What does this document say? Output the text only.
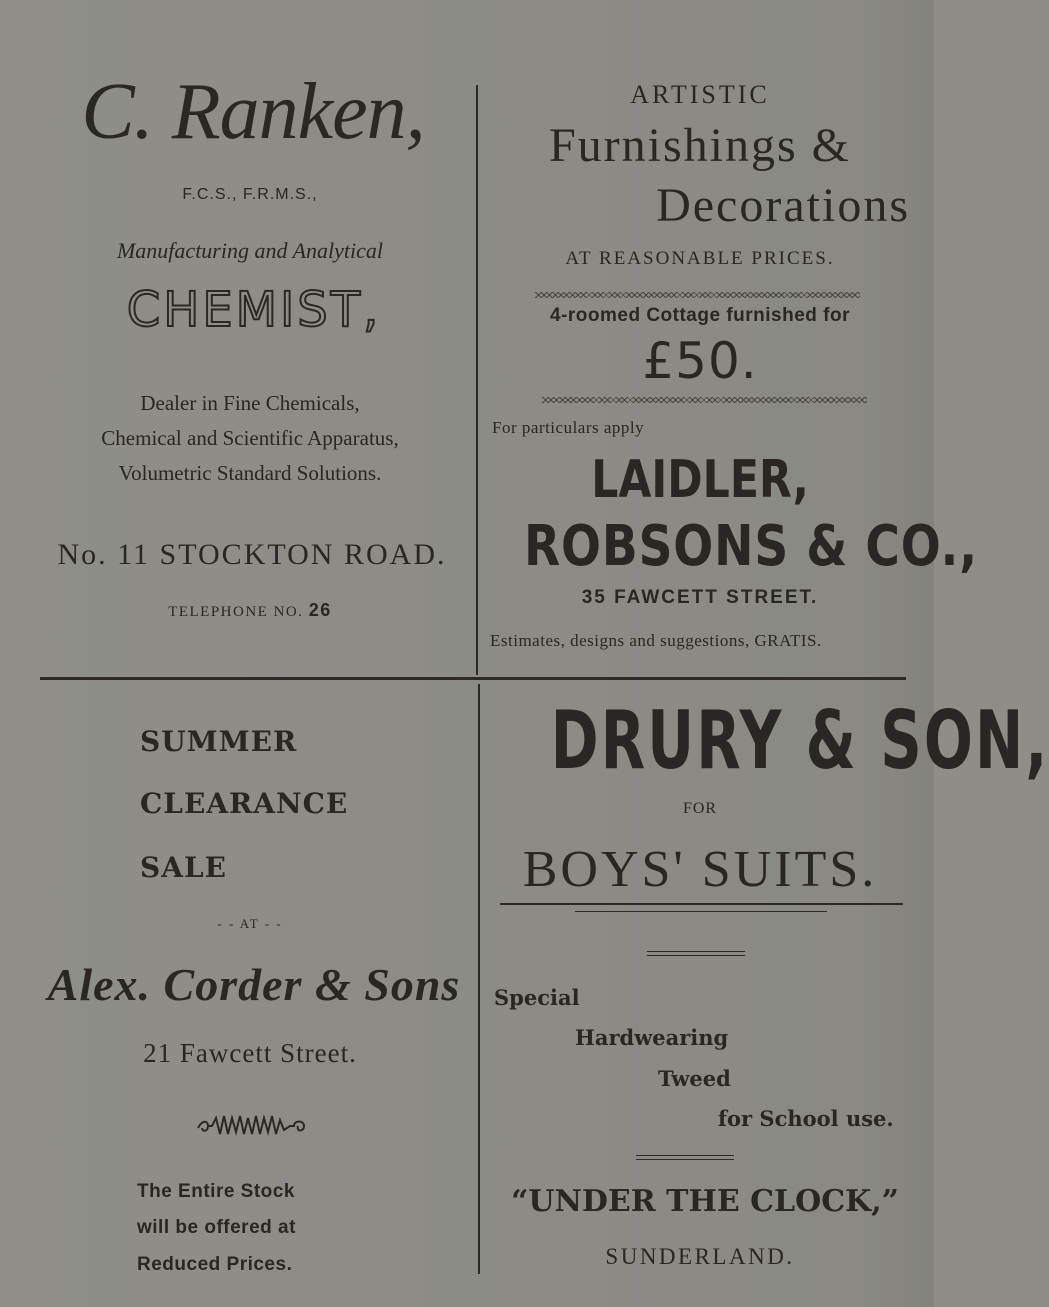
C. Ranken,
F.C.S., F.R.M.S.,
Manufacturing and Analytical
CHEMIST,
Dealer in Fine Chemicals,
Chemical and Scientific Apparatus,
Volumetric Standard Solutions.
No. 11 STOCKTON ROAD.
TELEPHONE NO. 26
ARTISTIC
Furnishings &
Decorations
AT REASONABLE PRICES.
4-roomed Cottage furnished for
£50.
For particulars apply
LAIDLER,
ROBSONS & CO.,
35 FAWCETT STREET.
Estimates, designs and suggestions, GRATIS.
SUMMER
CLEARANCE
SALE
- - AT - -
Alex. Corder & Sons
21 Fawcett Street.
The Entire Stock
will be offered at
Reduced Prices.
DRURY & SON,
FOR
BOYS' SUITS.
Special
Hardwearing
Tweed
for School use.
“UNDER THE CLOCK,”
SUNDERLAND.
